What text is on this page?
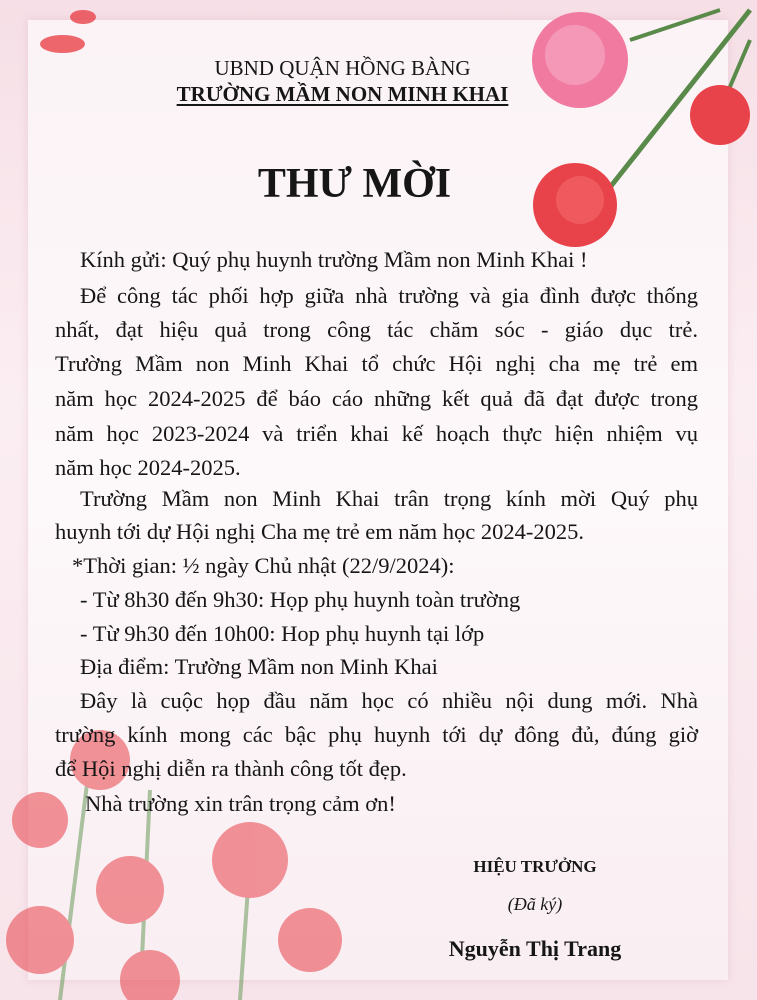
UBND QUẬN HỒNG BÀNG
TRƯỜNG MẦM NON MINH KHAI
THƯ MỜI
Kính gửi: Quý phụ huynh trường Mầm non Minh Khai !
Để công tác phối hợp giữa nhà trường và gia đình được thống
nhất, đạt hiệu quả trong công tác chăm sóc - giáo dục trẻ.
Trường Mầm non Minh Khai tổ chức Hội nghị cha mẹ trẻ em
năm học 2024-2025 để báo cáo những kết quả đã đạt được trong
năm học 2023-2024 và triển khai kế hoạch thực hiện nhiệm vụ
năm học 2024-2025.
Trường Mầm non Minh Khai trân trọng kính mời Quý phụ
huynh tới dự Hội nghị Cha mẹ trẻ em năm học 2024-2025.
*Thời gian: ½ ngày Chủ nhật (22/9/2024):
- Từ 8h30 đến 9h30: Họp phụ huynh toàn trường
- Từ 9h30 đến 10h00: Hop phụ huynh tại lớp
Địa điểm: Trường Mầm non Minh Khai
Đây là cuộc họp đầu năm học có nhiều nội dung mới. Nhà
trường kính mong các bậc phụ huynh tới dự đông đủ, đúng giờ
để Hội nghị diễn ra thành công tốt đẹp.
Nhà trường xin trân trọng cảm ơn!
HIỆU TRƯỞNG
(Đã ký)
Nguyễn Thị Trang
